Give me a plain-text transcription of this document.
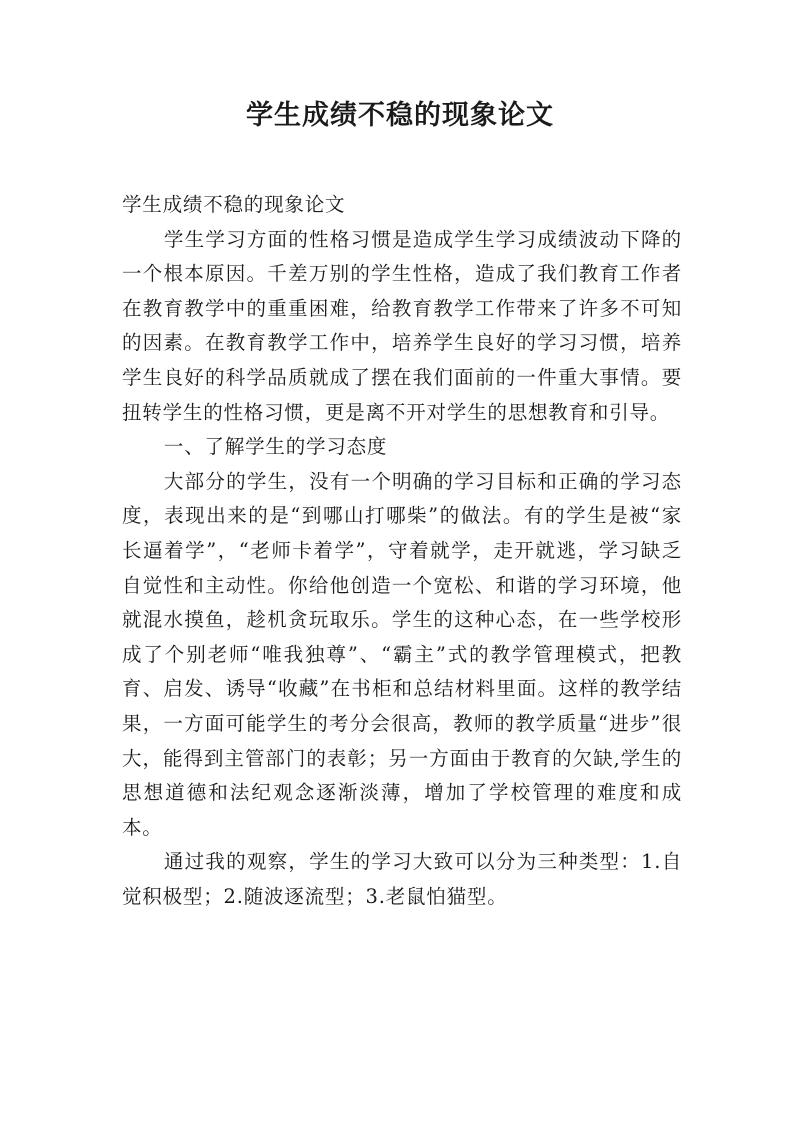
学生成绩不稳的现象论文

学生成绩不稳的现象论文

学生学习方面的性格习惯是造成学生学习成绩波动下降的一个根本原因。千差万别的学生性格，造成了我们教育工作者在教育教学中的重重困难，给教育教学工作带来了许多不可知的因素。在教育教学工作中，培养学生良好的学习习惯，培养学生良好的科学品质就成了摆在我们面前的一件重大事情。要扭转学生的性格习惯，更是离不开对学生的思想教育和引导。

一、了解学生的学习态度

大部分的学生，没有一个明确的学习目标和正确的学习态度，表现出来的是“到哪山打哪柴”的做法。有的学生是被“家长逼着学”，“老师卡着学”，守着就学，走开就逃，学习缺乏自觉性和主动性。你给他创造一个宽松、和谐的学习环境，他就混水摸鱼，趁机贪玩取乐。学生的这种心态，在一些学校形成了个别老师“唯我独尊”、“霸主”式的教学管理模式，把教育、启发、诱导“收藏”在书柜和总结材料里面。这样的教学结果，一方面可能学生的考分会很高，教师的教学质量“进步”很大，能得到主管部门的表彰；另一方面由于教育的欠缺,学生的思想道德和法纪观念逐渐淡薄，增加了学校管理的难度和成本。

通过我的观察，学生的学习大致可以分为三种类型：1.自觉积极型；2.随波逐流型；3.老鼠怕猫型。
